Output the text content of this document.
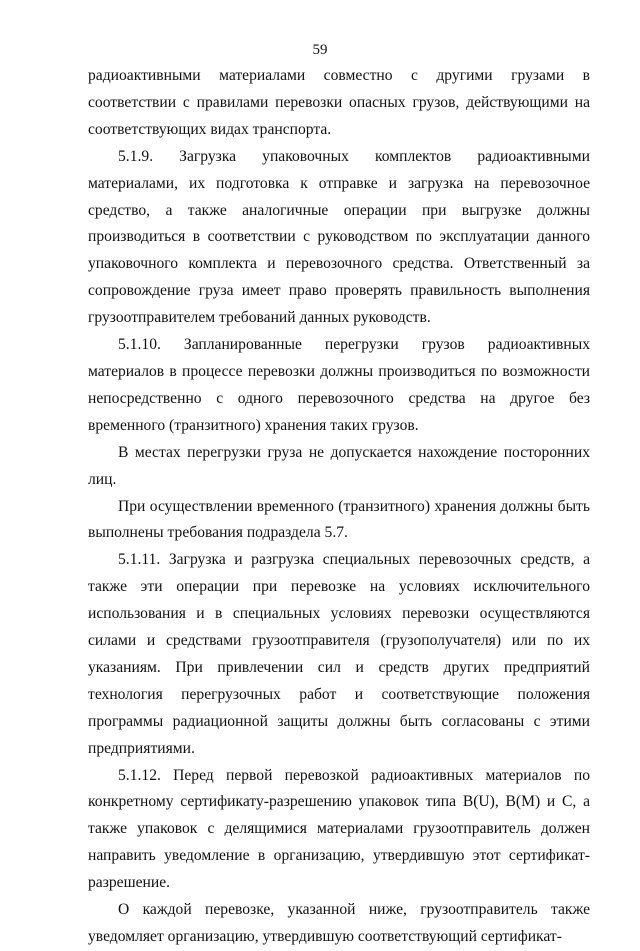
59

радиоактивными материалами совместно с другими грузами в соответствии с правилами перевозки опасных грузов, действующими на соответствующих видах транспорта.

5.1.9. Загрузка упаковочных комплектов радиоактивными материалами, их подготовка к отправке и загрузка на перевозочное средство, а также аналогичные операции при выгрузке должны производиться в соответствии с руководством по эксплуатации данного упаковочного комплекта и перевозочного средства. Ответственный за сопровождение груза имеет право проверять правильность выполнения грузоотправителем требований данных руководств.

5.1.10. Запланированные перегрузки грузов радиоактивных материалов в процессе перевозки должны производиться по возможности непосредственно с одного перевозочного средства на другое без временного (транзитного) хранения таких грузов.

В местах перегрузки груза не допускается нахождение посторонних лиц.

При осуществлении временного (транзитного) хранения должны быть выполнены требования подраздела 5.7.

5.1.11. Загрузка и разгрузка специальных перевозочных средств, а также эти операции при перевозке на условиях исключительного использования и в специальных условиях перевозки осуществляются силами и средствами грузоотправителя (грузополучателя) или по их указаниям. При привлечении сил и средств других предприятий технология перегрузочных работ и соответствующие положения программы радиационной защиты должны быть согласованы с этими предприятиями.

5.1.12. Перед первой перевозкой радиоактивных материалов по конкретному сертификату-разрешению упаковок типа B(U), B(M) и C, а также упаковок с делящимися материалами грузоотправитель должен направить уведомление в организацию, утвердившую этот сертификат-разрешение.

О каждой перевозке, указанной ниже, грузоотправитель также уведомляет организацию, утвердившую соответствующий сертификат-
